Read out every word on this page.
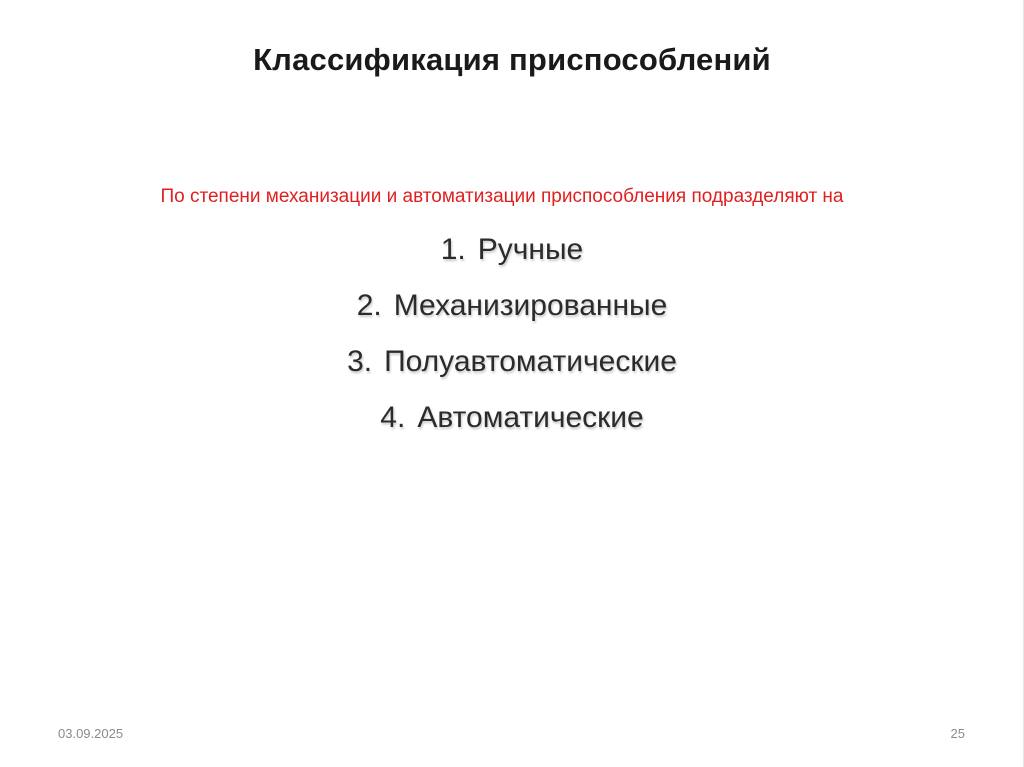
Классификация приспособлений
По степени механизации и автоматизации приспособления подразделяют на
1. Ручные
2. Механизированные
3. Полуавтоматические
4. Автоматические
03.09.2025	25
